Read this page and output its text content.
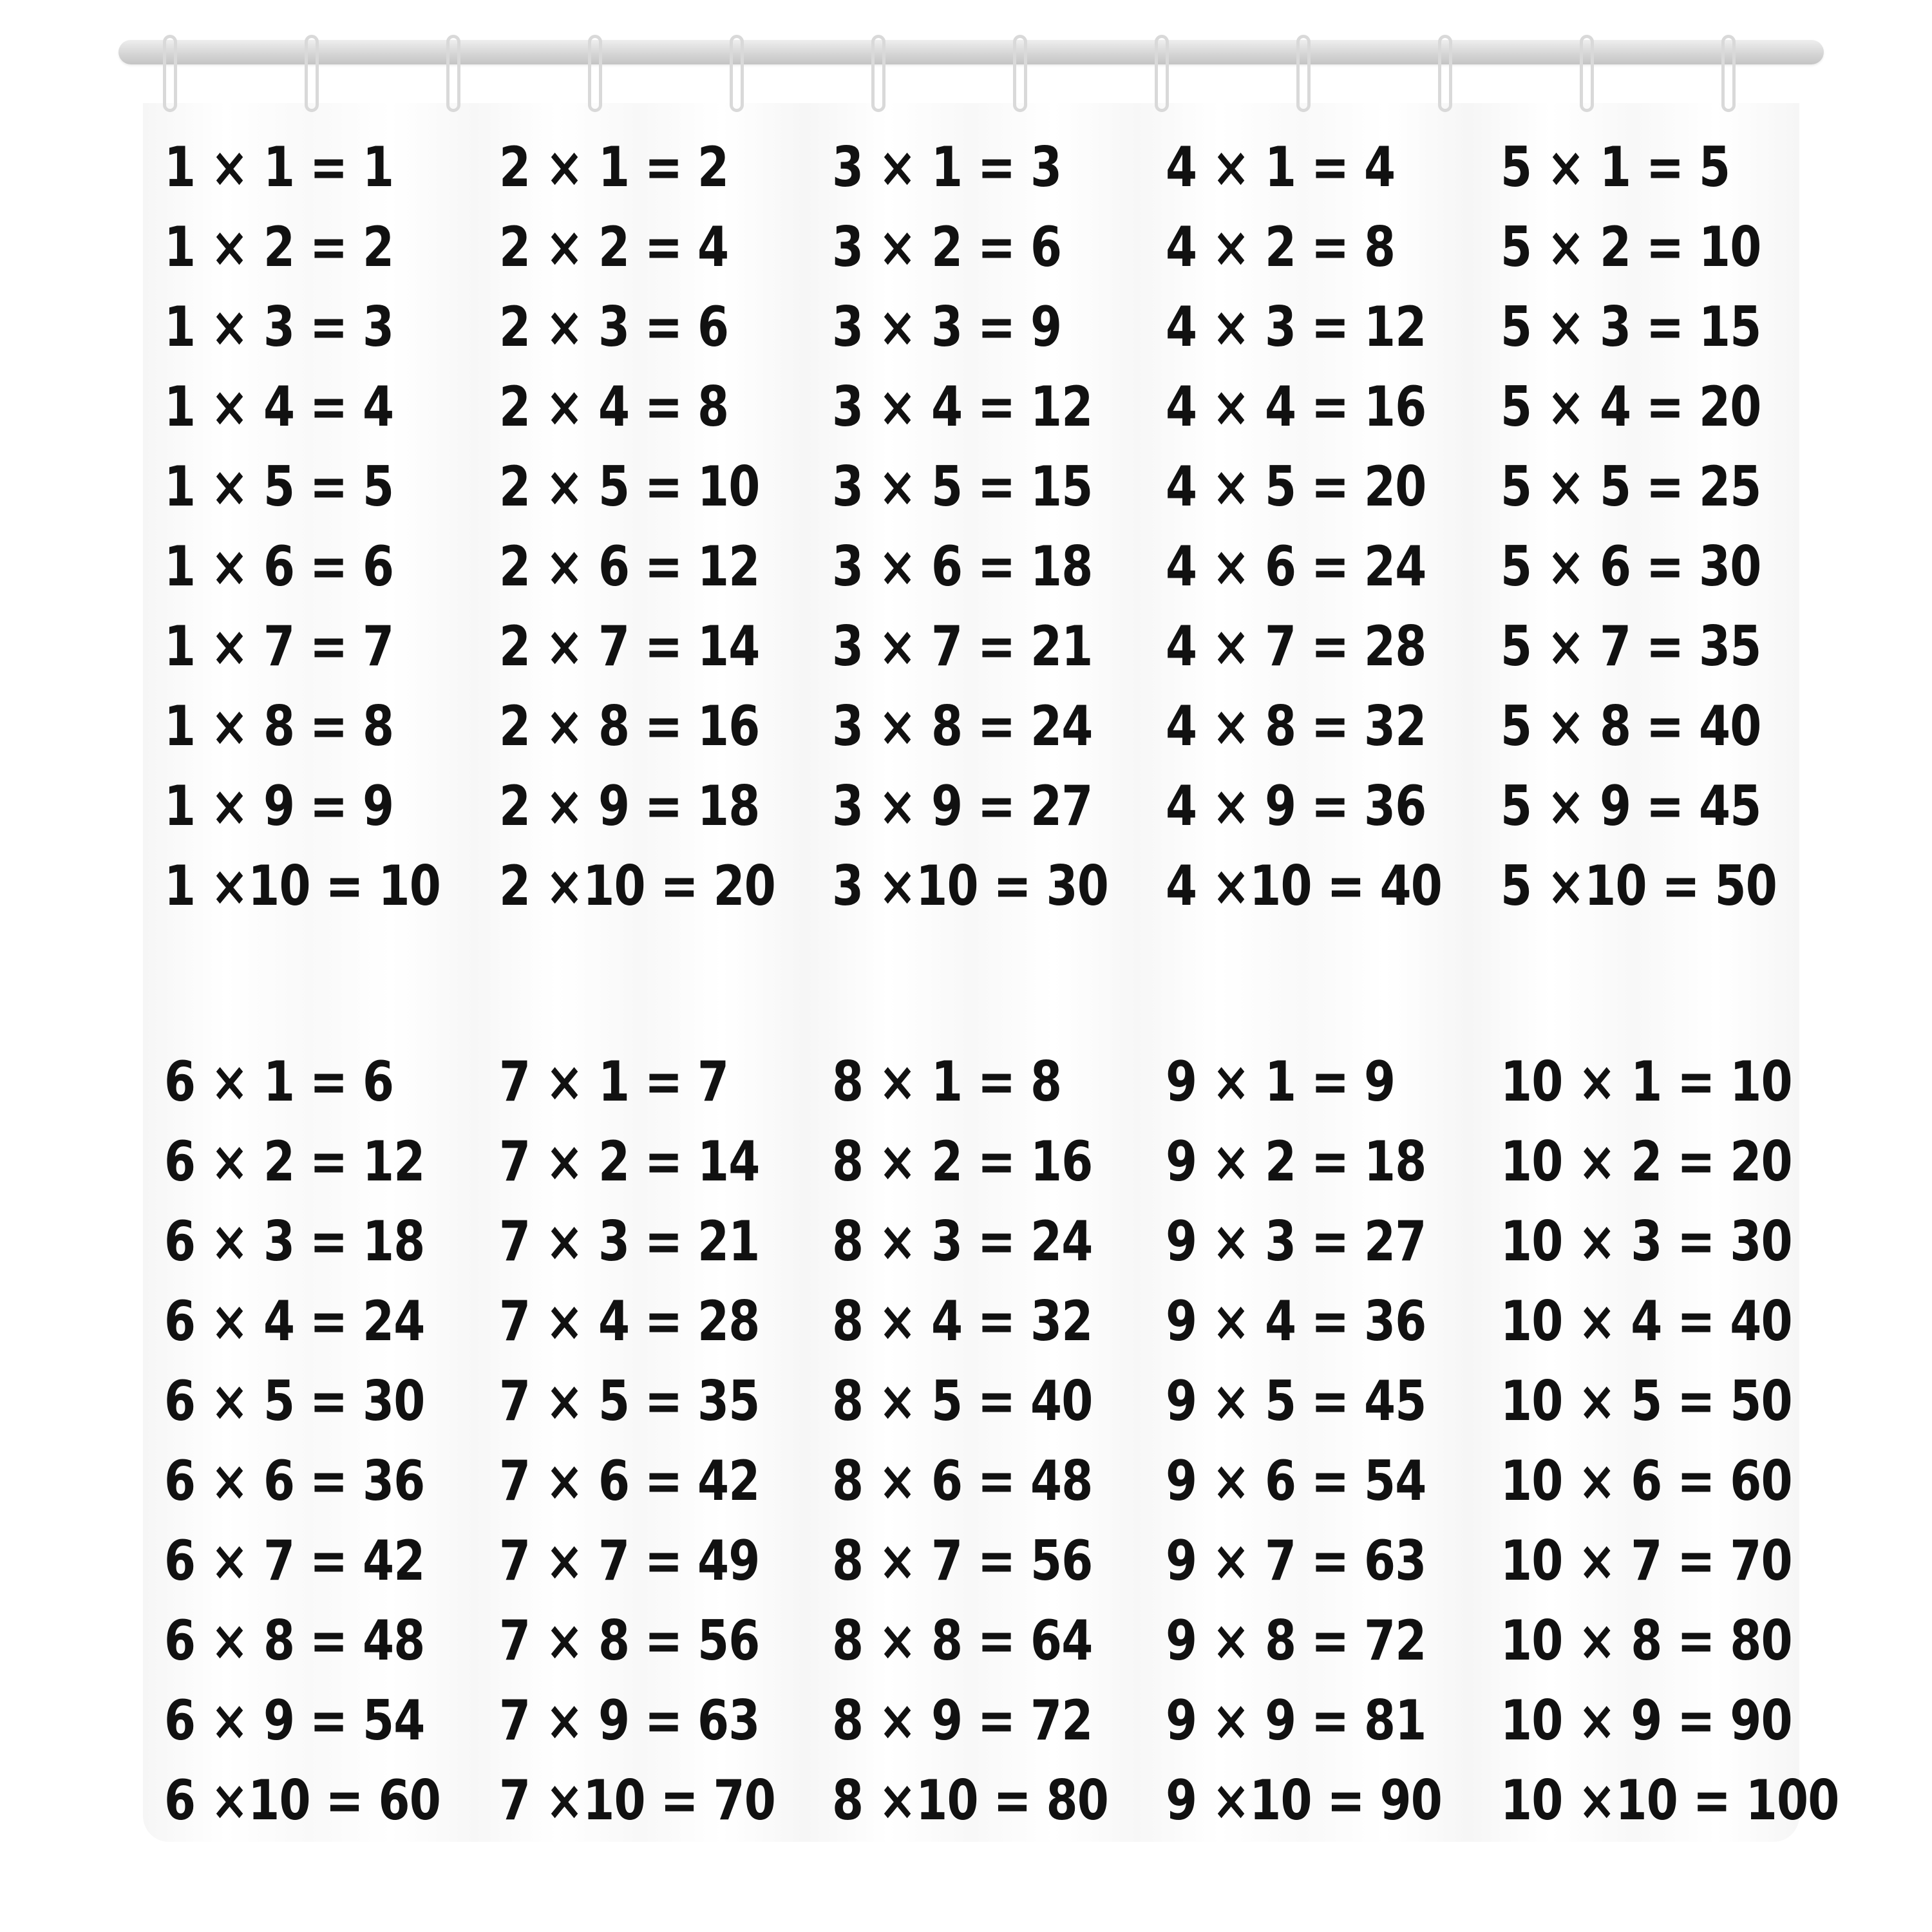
1 × 1 = 1
1 × 2 = 2
1 × 3 = 3
1 × 4 = 4
1 × 5 = 5
1 × 6 = 6
1 × 7 = 7
1 × 8 = 8
1 × 9 = 9
1 ×10 = 10
2 × 1 = 2
2 × 2 = 4
2 × 3 = 6
2 × 4 = 8
2 × 5 = 10
2 × 6 = 12
2 × 7 = 14
2 × 8 = 16
2 × 9 = 18
2 ×10 = 20
3 × 1 = 3
3 × 2 = 6
3 × 3 = 9
3 × 4 = 12
3 × 5 = 15
3 × 6 = 18
3 × 7 = 21
3 × 8 = 24
3 × 9 = 27
3 ×10 = 30
4 × 1 = 4
4 × 2 = 8
4 × 3 = 12
4 × 4 = 16
4 × 5 = 20
4 × 6 = 24
4 × 7 = 28
4 × 8 = 32
4 × 9 = 36
4 ×10 = 40
5 × 1 = 5
5 × 2 = 10
5 × 3 = 15
5 × 4 = 20
5 × 5 = 25
5 × 6 = 30
5 × 7 = 35
5 × 8 = 40
5 × 9 = 45
5 ×10 = 50
6 × 1 = 6
6 × 2 = 12
6 × 3 = 18
6 × 4 = 24
6 × 5 = 30
6 × 6 = 36
6 × 7 = 42
6 × 8 = 48
6 × 9 = 54
6 ×10 = 60
7 × 1 = 7
7 × 2 = 14
7 × 3 = 21
7 × 4 = 28
7 × 5 = 35
7 × 6 = 42
7 × 7 = 49
7 × 8 = 56
7 × 9 = 63
7 ×10 = 70
8 × 1 = 8
8 × 2 = 16
8 × 3 = 24
8 × 4 = 32
8 × 5 = 40
8 × 6 = 48
8 × 7 = 56
8 × 8 = 64
8 × 9 = 72
8 ×10 = 80
9 × 1 = 9
9 × 2 = 18
9 × 3 = 27
9 × 4 = 36
9 × 5 = 45
9 × 6 = 54
9 × 7 = 63
9 × 8 = 72
9 × 9 = 81
9 ×10 = 90
10 × 1 = 10
10 × 2 = 20
10 × 3 = 30
10 × 4 = 40
10 × 5 = 50
10 × 6 = 60
10 × 7 = 70
10 × 8 = 80
10 × 9 = 90
10 ×10 = 100
